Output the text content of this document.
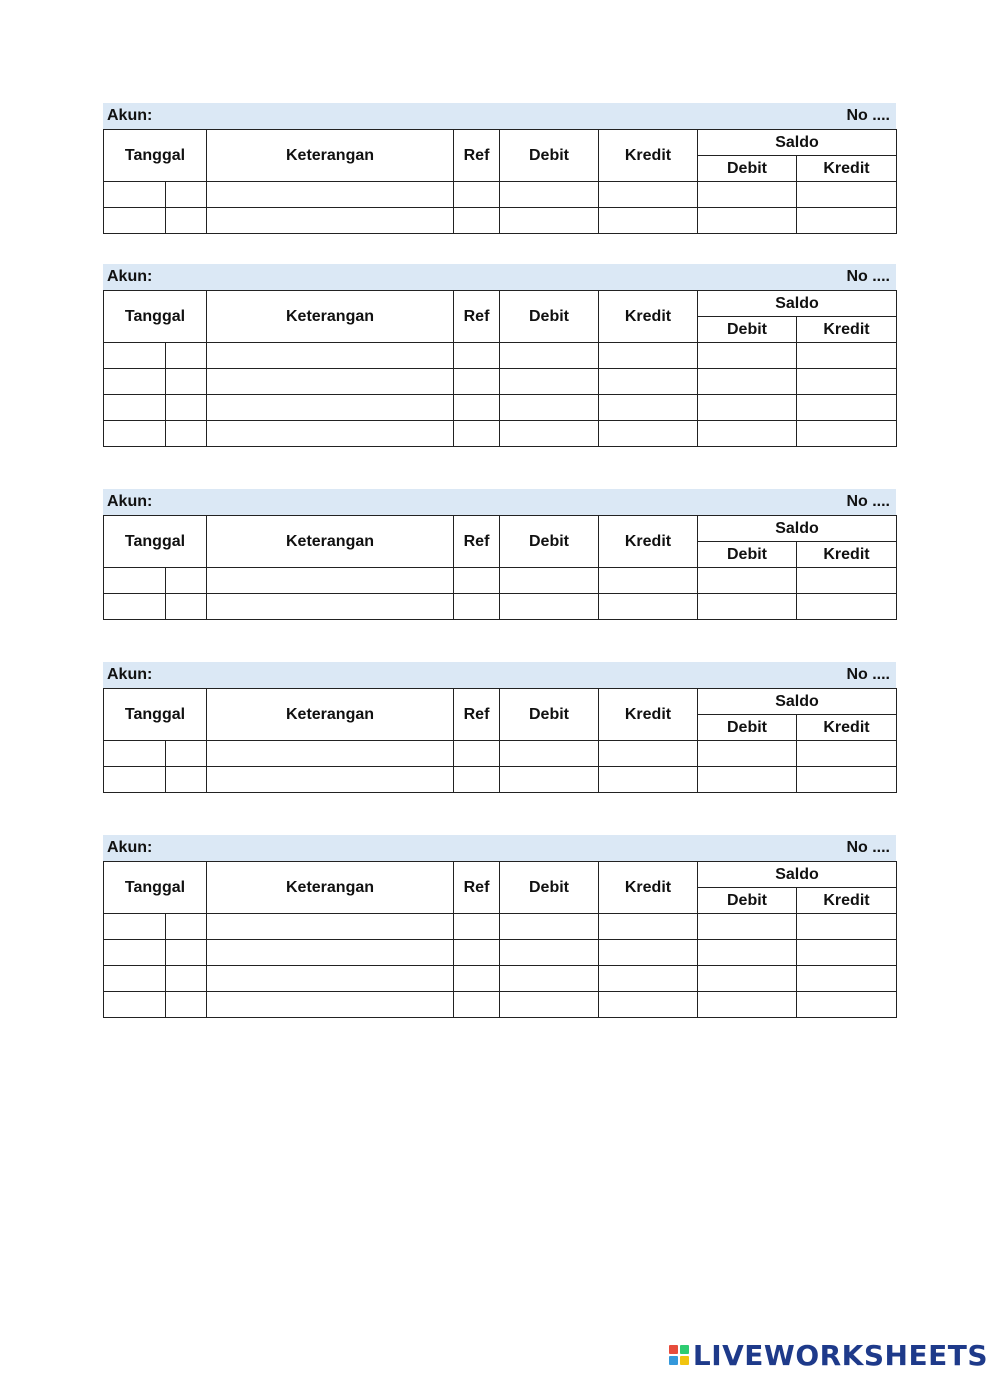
Akun:	No ....
Tanggal		Keterangan	Ref	Debit	Kredit	Saldo	
						Debit	Kredit

Akun:	No ....
Tanggal		Keterangan	Ref	Debit	Kredit	Saldo	
						Debit	Kredit

Akun:	No ....
Tanggal		Keterangan	Ref	Debit	Kredit	Saldo	
						Debit	Kredit

Akun:	No ....
Tanggal		Keterangan	Ref	Debit	Kredit	Saldo	
						Debit	Kredit

Akun:	No ....
Tanggal		Keterangan	Ref	Debit	Kredit	Saldo	
						Debit	Kredit

LIVEWORKSHEETS
